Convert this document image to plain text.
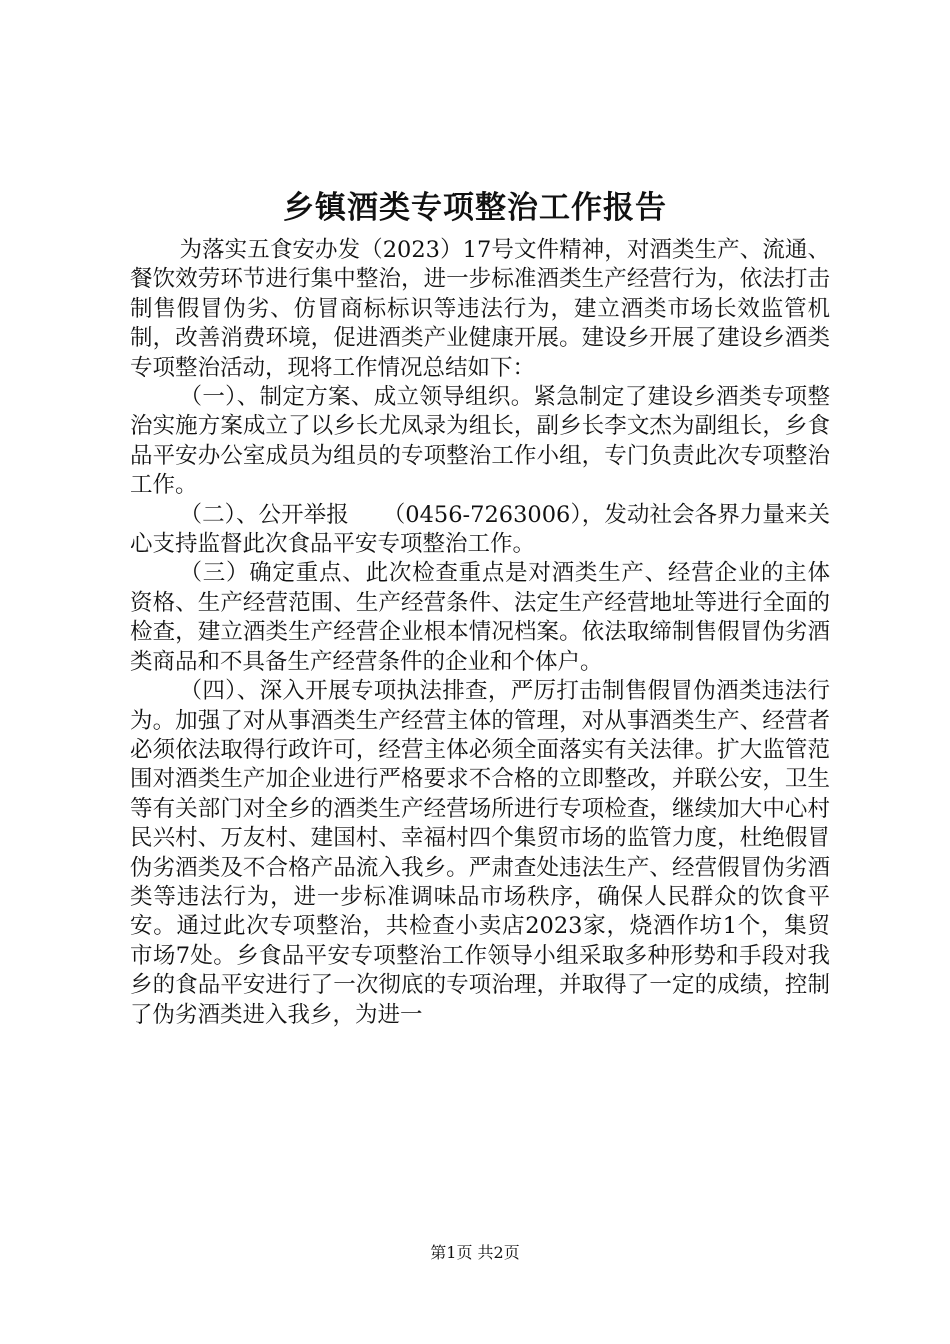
乡镇酒类专项整治工作报告

为落实五食安办发（2023）17号文件精神，对酒类生产、流通、餐饮效劳环节进行集中整治，进一步标准酒类生产经营行为，依法打击制售假冒伪劣、仿冒商标标识等违法行为，建立酒类市场长效监管机制，改善消费环境，促进酒类产业健康开展。建设乡开展了建设乡酒类专项整治活动，现将工作情况总结如下：

（一）、制定方案、成立领导组织。紧急制定了建设乡酒类专项整治实施方案成立了以乡长尤凤录为组长，副乡长李文杰为副组长，乡食品平安办公室成员为组员的专项整治工作小组，专门负责此次专项整治工作。

（二）、公开举报　　（0456-7263006），发动社会各界力量来关心支持监督此次食品平安专项整治工作。

（三）确定重点、此次检查重点是对酒类生产、经营企业的主体资格、生产经营范围、生产经营条件、法定生产经营地址等进行全面的检查，建立酒类生产经营企业根本情况档案。依法取缔制售假冒伪劣酒类商品和不具备生产经营条件的企业和个体户。

（四）、深入开展专项执法排查，严厉打击制售假冒伪酒类违法行为。加强了对从事酒类生产经营主体的管理，对从事酒类生产、经营者必须依法取得行政许可，经营主体必须全面落实有关法律。扩大监管范围对酒类生产加企业进行严格要求不合格的立即整改，并联公安，卫生等有关部门对全乡的酒类生产经营场所进行专项检查，继续加大中心村民兴村、万友村、建国村、幸福村四个集贸市场的监管力度，杜绝假冒伪劣酒类及不合格产品流入我乡。严肃查处违法生产、经营假冒伪劣酒类等违法行为，进一步标准调味品市场秩序，确保人民群众的饮食平安。通过此次专项整治，共检查小卖店2023家，烧酒作坊1个，集贸市场7处。乡食品平安专项整治工作领导小组采取多种形势和手段对我乡的食品平安进行了一次彻底的专项治理，并取得了一定的成绩，控制了伪劣酒类进入我乡，为进一

第1页 共2页
